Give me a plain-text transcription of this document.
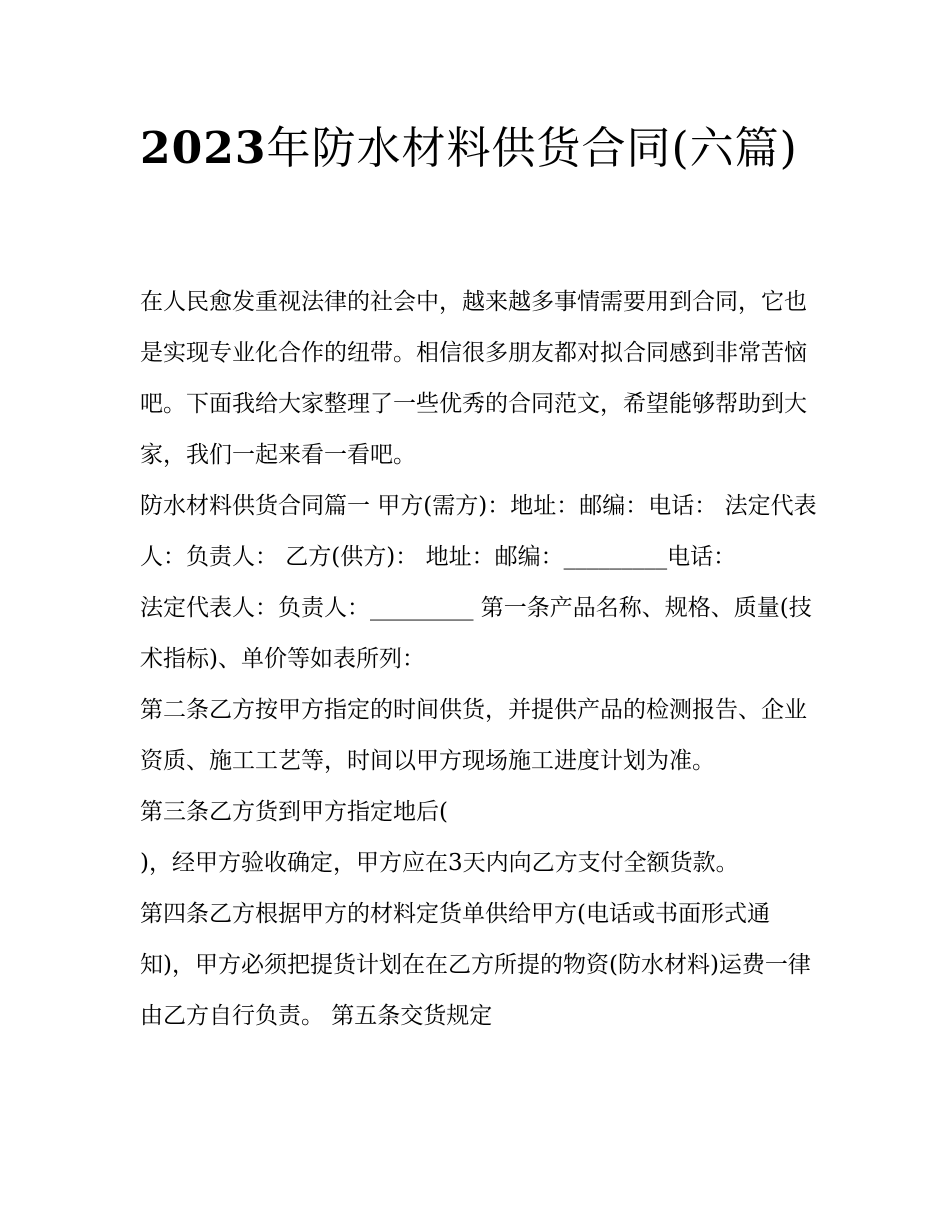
2023年防水材料供货合同(六篇)

在人民愈发重视法律的社会中，越来越多事情需要用到合同，它也是实现专业化合作的纽带。相信很多朋友都对拟合同感到非常苦恼吧。下面我给大家整理了一些优秀的合同范文，希望能够帮助到大家，我们一起来看一看吧。

防水材料供货合同篇一 甲方(需方)：地址：邮编：电话： 法定代表人：负责人： 乙方(供方)： 地址：邮编：_________电话：

法定代表人：负责人：_________ 第一条产品名称、规格、质量(技术指标)、单价等如表所列：

第二条乙方按甲方指定的时间供货，并提供产品的检测报告、企业资质、施工工艺等，时间以甲方现场施工进度计划为准。

第三条乙方货到甲方指定地后(

)，经甲方验收确定，甲方应在3天内向乙方支付全额货款。

第四条乙方根据甲方的材料定货单供给甲方(电话或书面形式通知)，甲方必须把提货计划在在乙方所提的物资(防水材料)运费一律由乙方自行负责。 第五条交货规定
